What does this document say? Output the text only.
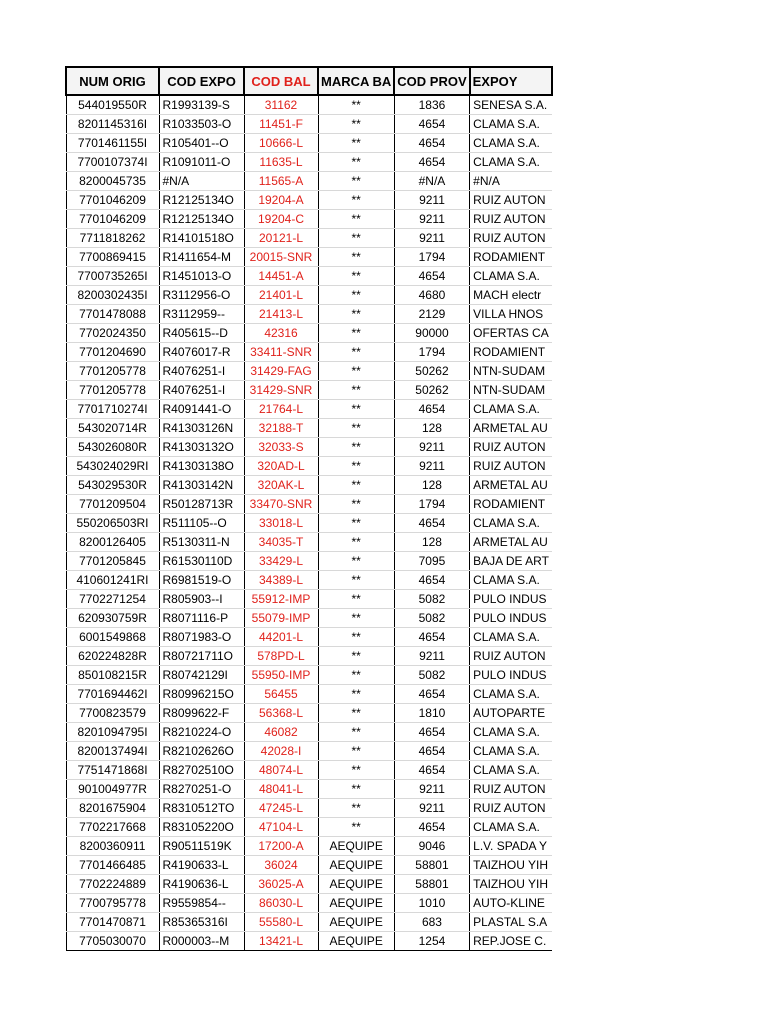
NUM ORIG	COD EXPO	COD BAL	MARCA BA	COD PROV	EXPOY
544019550R	R1993139-S	31162	**	1836	SENESA S.A.
8201145316I	R1033503-O	11451-F	**	4654	CLAMA S.A.
7701461155I	R105401--O	10666-L	**	4654	CLAMA S.A.
7700107374I	R1091011-O	11635-L	**	4654	CLAMA S.A.
8200045735	#N/A	11565-A	**	#N/A	#N/A
7701046209	R12125134O	19204-A	**	9211	RUIZ AUTON
7701046209	R12125134O	19204-C	**	9211	RUIZ AUTON
7711818262	R14101518O	20121-L	**	9211	RUIZ AUTON
7700869415	R1411654-M	20015-SNR	**	1794	RODAMIENT
7700735265I	R1451013-O	14451-A	**	4654	CLAMA S.A.
8200302435I	R3112956-O	21401-L	**	4680	MACH electr
7701478088	R3112959--	21413-L	**	2129	VILLA HNOS
7702024350	R405615--D	42316	**	90000	OFERTAS CA
7701204690	R4076017-R	33411-SNR	**	1794	RODAMIENT
7701205778	R4076251-I	31429-FAG	**	50262	NTN-SUDAM
7701205778	R4076251-I	31429-SNR	**	50262	NTN-SUDAM
7701710274I	R4091441-O	21764-L	**	4654	CLAMA S.A.
543020714R	R41303126N	32188-T	**	128	ARMETAL AU
543026080R	R41303132O	32033-S	**	9211	RUIZ AUTON
543024029RI	R41303138O	320AD-L	**	9211	RUIZ AUTON
543029530R	R41303142N	320AK-L	**	128	ARMETAL AU
7701209504	R50128713R	33470-SNR	**	1794	RODAMIENT
550206503RI	R511105--O	33018-L	**	4654	CLAMA S.A.
8200126405	R5130311-N	34035-T	**	128	ARMETAL AU
7701205845	R61530110D	33429-L	**	7095	BAJA DE ART
410601241RI	R6981519-O	34389-L	**	4654	CLAMA S.A.
7702271254	R805903--I	55912-IMP	**	5082	PULO INDUS
620930759R	R8071116-P	55079-IMP	**	5082	PULO INDUS
6001549868	R8071983-O	44201-L	**	4654	CLAMA S.A.
620224828R	R80721711O	578PD-L	**	9211	RUIZ AUTON
850108215R	R80742129I	55950-IMP	**	5082	PULO INDUS
7701694462I	R80996215O	56455	**	4654	CLAMA S.A.
7700823579	R8099622-F	56368-L	**	1810	AUTOPARTE
8201094795I	R8210224-O	46082	**	4654	CLAMA S.A.
8200137494I	R82102626O	42028-I	**	4654	CLAMA S.A.
7751471868I	R82702510O	48074-L	**	4654	CLAMA S.A.
901004977R	R8270251-O	48041-L	**	9211	RUIZ AUTON
8201675904	R8310512TO	47245-L	**	9211	RUIZ AUTON
7702217668	R83105220O	47104-L	**	4654	CLAMA S.A.
8200360911	R90511519K	17200-A	AEQUIPE	9046	L.V. SPADA Y
7701466485	R4190633-L	36024	AEQUIPE	58801	TAIZHOU YIH
7702224889	R4190636-L	36025-A	AEQUIPE	58801	TAIZHOU YIH
7700795778	R9559854--	86030-L	AEQUIPE	1010	AUTO-KLINE
7701470871	R85365316I	55580-L	AEQUIPE	683	PLASTAL S.A
7705030070	R000003--M	13421-L	AEQUIPE	1254	REP.JOSE C.
